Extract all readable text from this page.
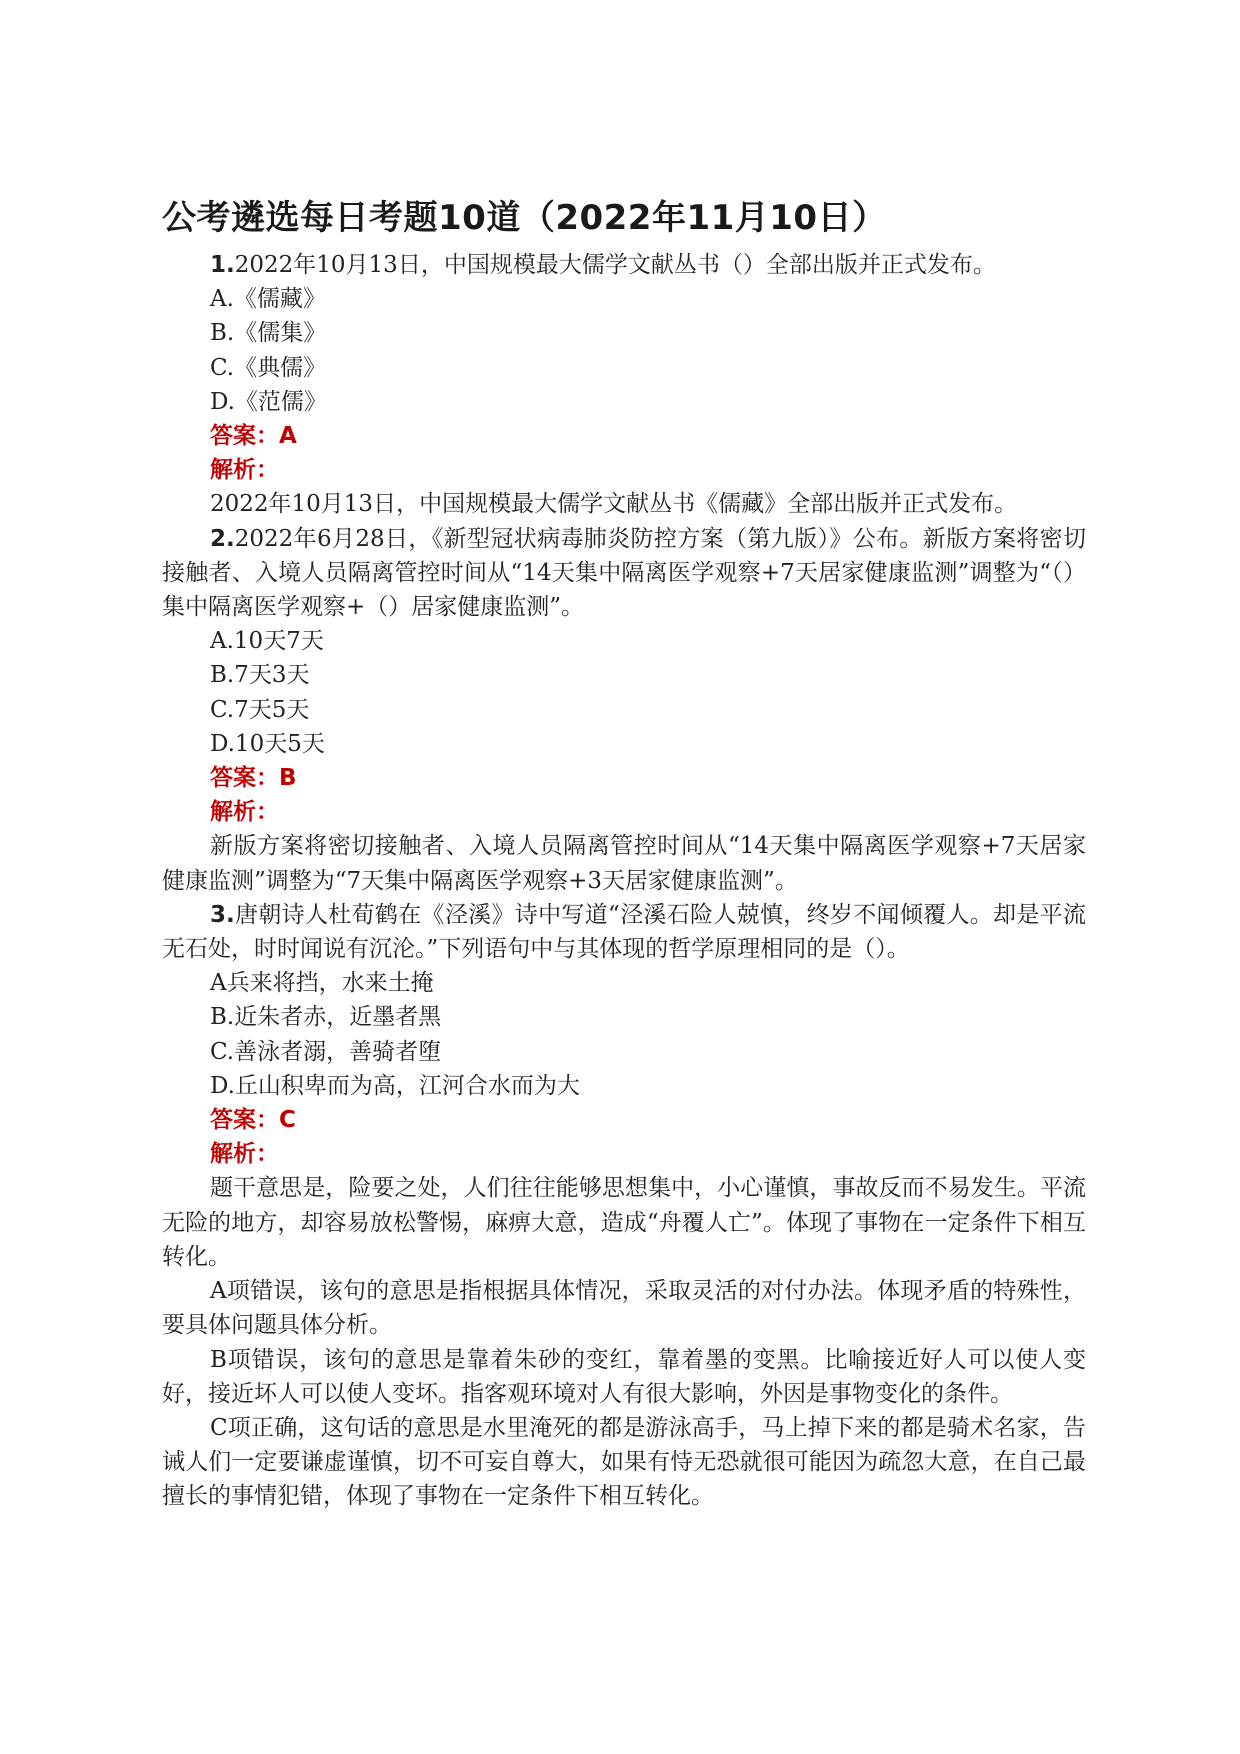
公考遴选每日考题10道（2022年11月10日）

1.2022年10月13日，中国规模最大儒学文献丛书（）全部出版并正式发布。

A.《儒藏》

B.《儒集》

C.《典儒》

D.《范儒》

答案：A

解析：

2022年10月13日，中国规模最大儒学文献丛书《儒藏》全部出版并正式发布。

2.2022年6月28日，《新型冠状病毒肺炎防控方案（第九版）》公布。新版方案将密切接触者、入境人员隔离管控时间从“14天集中隔离医学观察+7天居家健康监测”调整为“（）集中隔离医学观察+（）居家健康监测”。

A.10天7天

B.7天3天

C.7天5天

D.10天5天

答案：B

解析：

新版方案将密切接触者、入境人员隔离管控时间从“14天集中隔离医学观察+7天居家健康监测”调整为“7天集中隔离医学观察+3天居家健康监测”。

3.唐朝诗人杜荀鹤在《泾溪》诗中写道“泾溪石险人兢慎，终岁不闻倾覆人。却是平流无石处，时时闻说有沉沦。”下列语句中与其体现的哲学原理相同的是（）。

A兵来将挡，水来土掩

B.近朱者赤，近墨者黑

C.善泳者溺，善骑者堕

D.丘山积卑而为高，江河合水而为大

答案：C

解析：

题干意思是，险要之处，人们往往能够思想集中，小心谨慎，事故反而不易发生。平流无险的地方，却容易放松警惕，麻痹大意，造成“舟覆人亡”。体现了事物在一定条件下相互转化。

A项错误，该句的意思是指根据具体情况，采取灵活的对付办法。体现矛盾的特殊性，要具体问题具体分析。

B项错误，该句的意思是靠着朱砂的变红，靠着墨的变黑。比喻接近好人可以使人变好，接近坏人可以使人变坏。指客观环境对人有很大影响，外因是事物变化的条件。

C项正确，这句话的意思是水里淹死的都是游泳高手，马上掉下来的都是骑术名家，告诫人们一定要谦虚谨慎，切不可妄自尊大，如果有恃无恐就很可能因为疏忽大意，在自己最擅长的事情犯错，体现了事物在一定条件下相互转化。
